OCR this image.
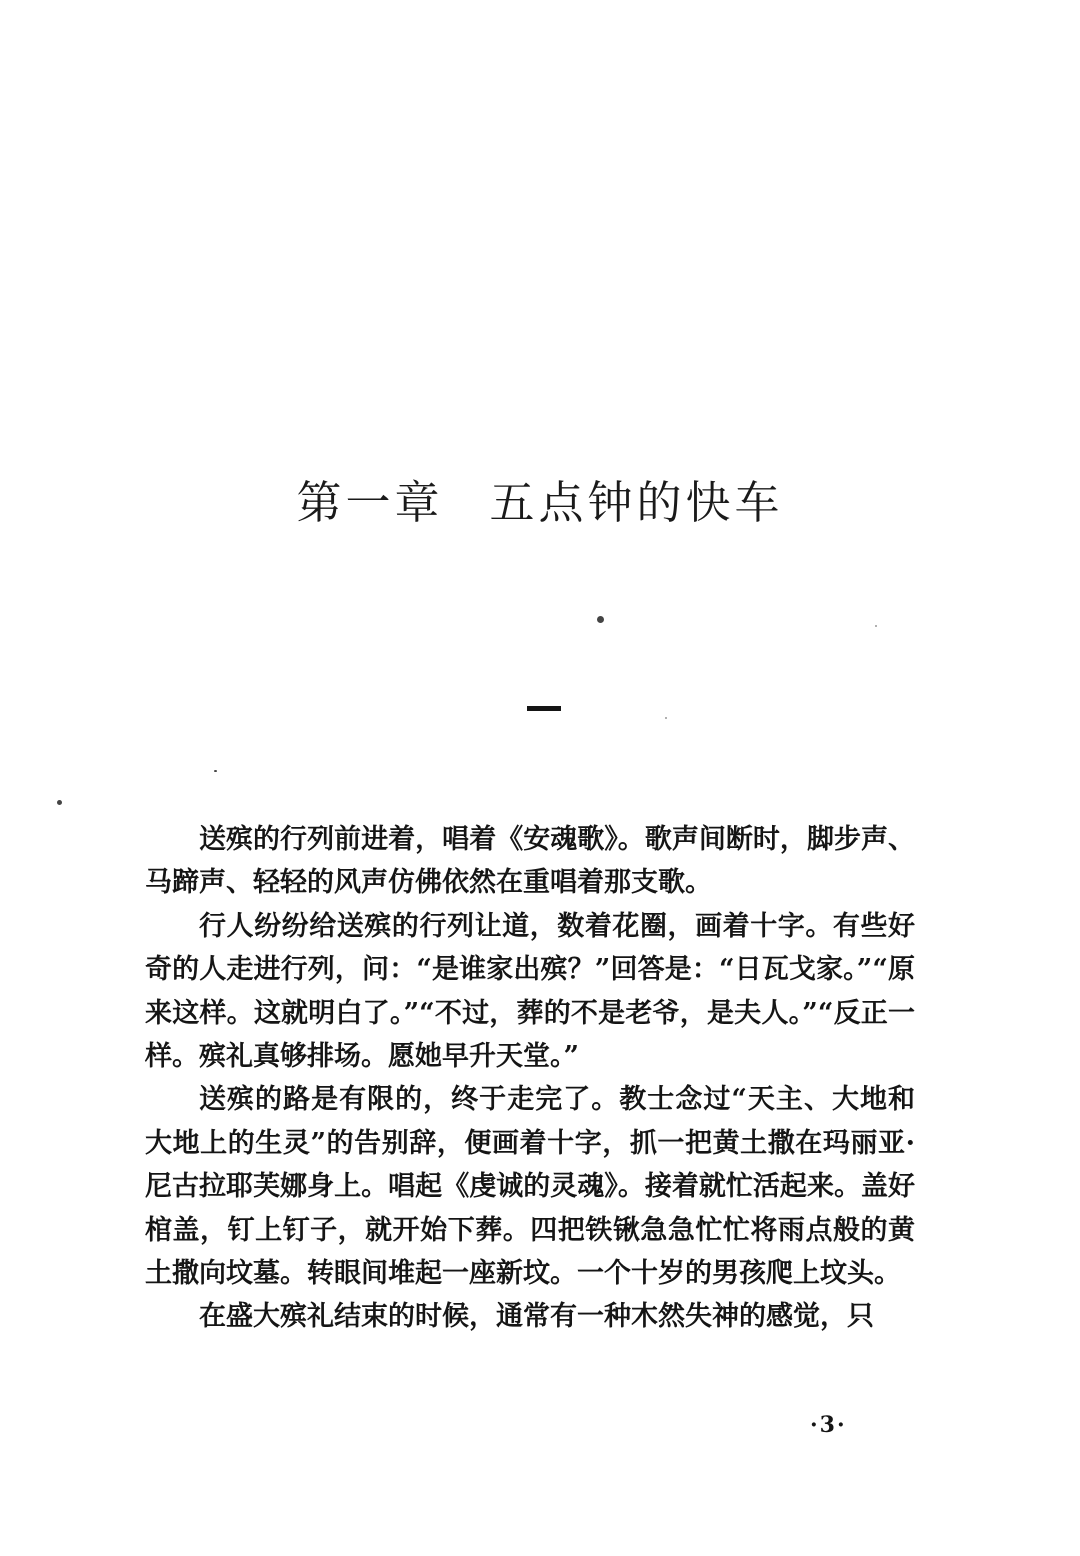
第一章 五点钟的快车

送殡的行列前进着，唱着《安魂歌》。歌声间断时，脚步声、马蹄声、轻轻的风声仿佛依然在重唱着那支歌。

行人纷纷给送殡的行列让道，数着花圈，画着十字。有些好奇的人走进行列，问：“是谁家出殡？”回答是：“日瓦戈家。”“原来这样。这就明白了。”“不过，葬的不是老爷，是夫人。”“反正一样。殡礼真够排场。愿她早升天堂。”

送殡的路是有限的，终于走完了。教士念过“天主、大地和大地上的生灵”的告别辞，便画着十字，抓一把黄土撒在玛丽亚·尼古拉耶芙娜身上。唱起《虔诚的灵魂》。接着就忙活起来。盖好棺盖，钉上钉子，就开始下葬。四把铁锹急急忙忙将雨点般的黄土撒向坟墓。转眼间堆起一座新坟。一个十岁的男孩爬上坟头。

在盛大殡礼结束的时候，通常有一种木然失神的感觉，只

·3·
